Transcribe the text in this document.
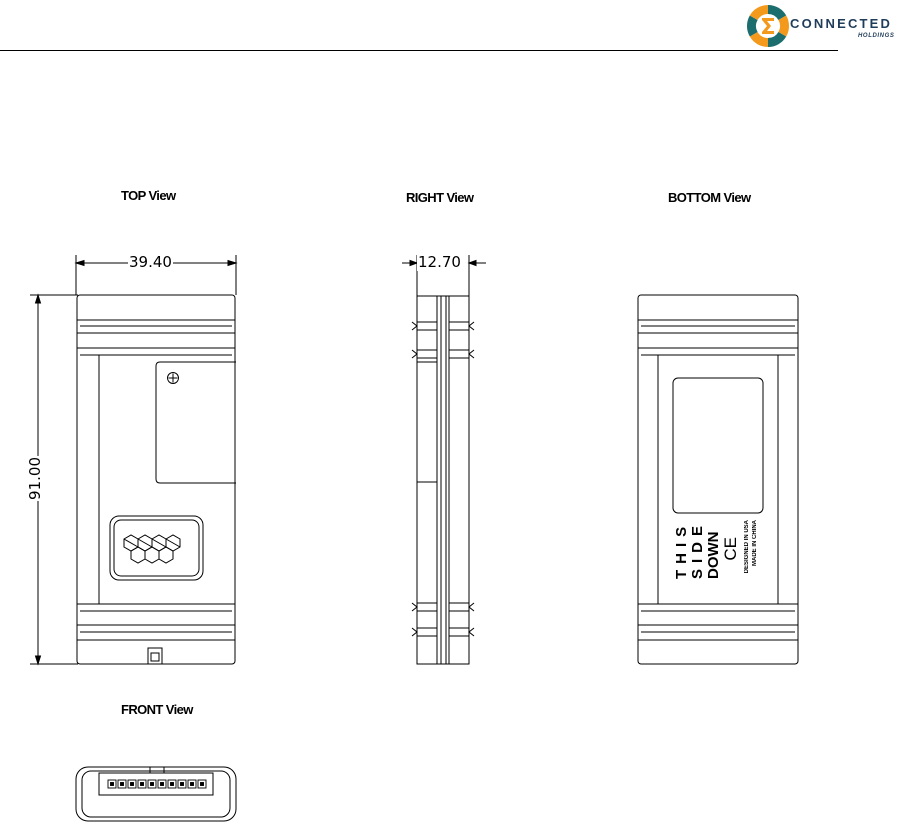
CONNECTED
HOLDINGS
TOP View	RIGHT View	BOTTOM View
FRONT View
39.40	12.70
91.00
THIS SIDE DOWN CE DESIGNED IN USA MADE IN CHINA
